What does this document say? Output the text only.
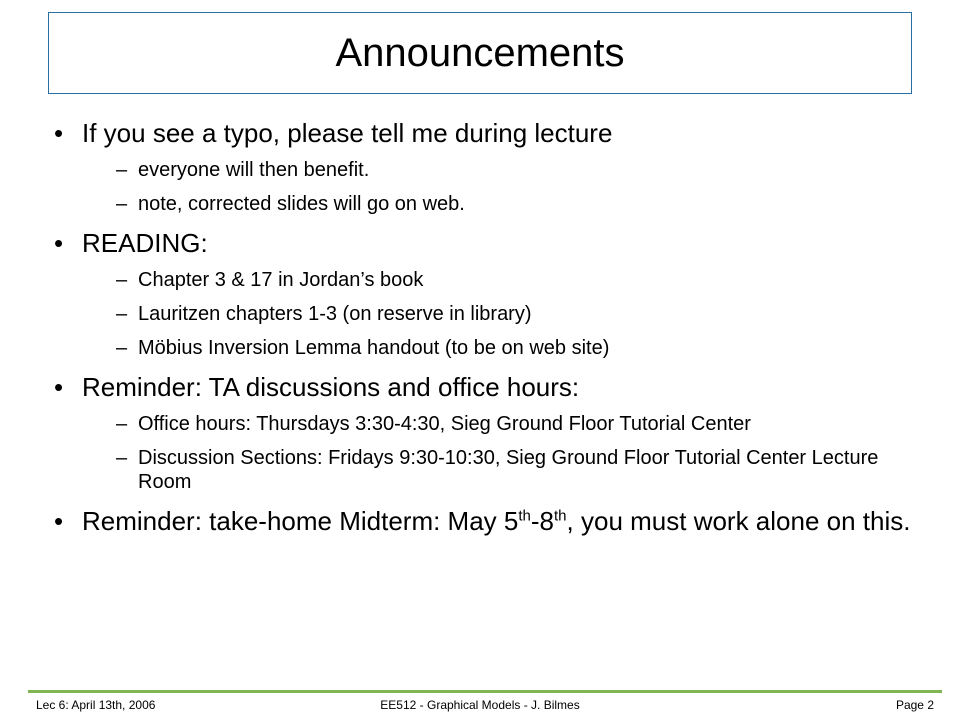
Announcements
• If you see a typo, please tell me during lecture
– everyone will then benefit.
– note, corrected slides will go on web.
• READING:
– Chapter 3 & 17 in Jordan’s book
– Lauritzen chapters 1-3 (on reserve in library)
– Möbius Inversion Lemma handout (to be on web site)
• Reminder: TA discussions and office hours:
– Office hours: Thursdays 3:30-4:30, Sieg Ground Floor Tutorial Center
– Discussion Sections: Fridays 9:30-10:30, Sieg Ground Floor Tutorial Center Lecture Room
• Reminder: take-home Midterm: May 5th-8th, you must work alone on this.
Lec 6: April 13th, 2006	EE512 - Graphical Models - J. Bilmes	Page 2
